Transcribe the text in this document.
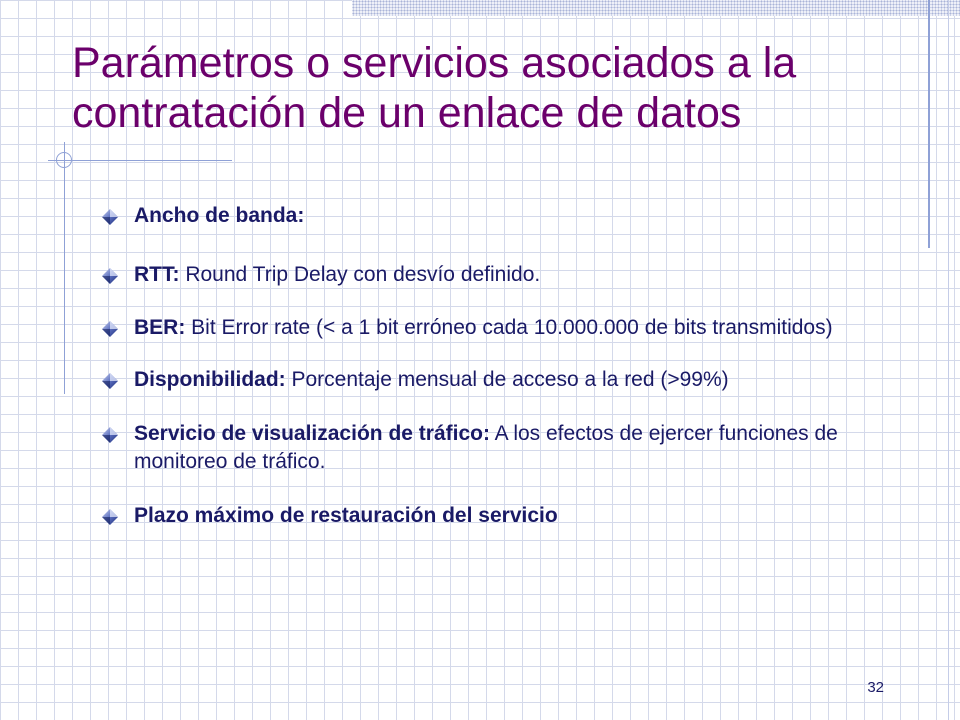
Parámetros o servicios asociados a la
contratación de un enlace de datos
Ancho de banda:
RTT: Round Trip Delay con desvío definido.
BER: Bit Error rate (< a 1 bit erróneo cada 10.000.000 de bits transmitidos)
Disponibilidad: Porcentaje mensual de acceso a la red (>99%)
Servicio de visualización de tráfico: A los efectos de ejercer funciones de monitoreo de tráfico.
Plazo máximo de restauración del servicio
32
